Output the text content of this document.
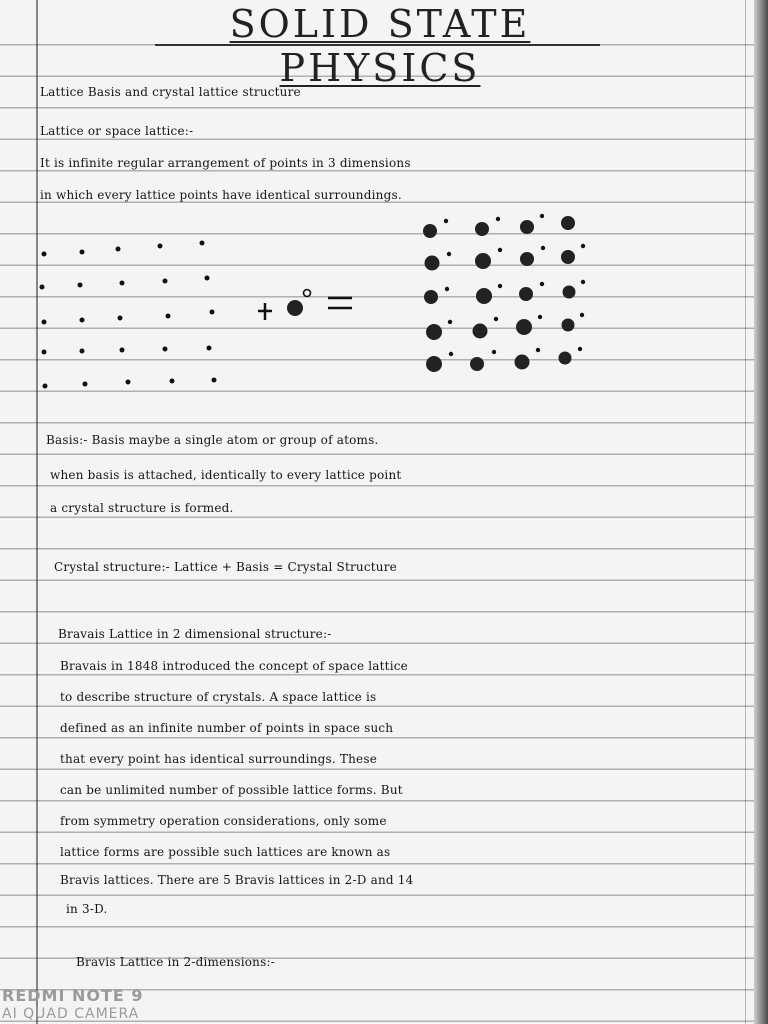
SOLID STATE PHYSICS
Lattice Basis and crystal lattice structure
Lattice or space lattice:-
It is infinite regular arrangement of points in 3 dimensions
in which every lattice points have identical surroundings.
Basis:- Basis maybe a single atom or group of atoms.
when basis is attached, identically to every lattice point
a crystal structure is formed.
Crystal structure:- Lattice + Basis = Crystal Structure
Bravais Lattice in 2 dimensional structure:-
Bravais in 1848 introduced the concept of space lattice
to describe structure of crystals. A space lattice is
defined as an infinite number of points in space such
that every point has identical surroundings. These
can be unlimited number of possible lattice forms. But
from symmetry operation considerations, only some
lattice forms are possible such lattices are known as
Bravis lattices. There are 5 Bravis lattices in 2-D and 14
in 3-D.
Bravis Lattice in 2-dimensions:-
REDMI NOTE 9
AI QUAD CAMERA
